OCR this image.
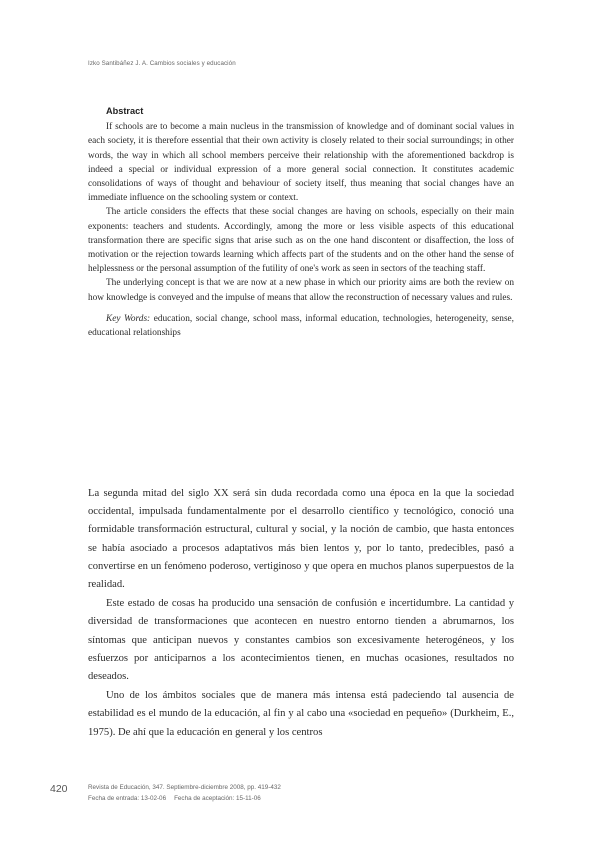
Izko Santibáñez J. A. Cambios sociales y educación
Abstract

If schools are to become a main nucleus in the transmission of knowledge and of dominant social values in each society, it is therefore essential that their own activity is closely related to their social surroundings; in other words, the way in which all school members perceive their relationship with the aforementioned backdrop is indeed a special or individual expression of a more general social connection. It constitutes academic consolidations of ways of thought and behaviour of society itself, thus meaning that social changes have an immediate influence on the schooling system or context.

The article considers the effects that these social changes are having on schools, especially on their main exponents: teachers and students. Accordingly, among the more or less visible aspects of this educational transformation there are specific signs that arise such as on the one hand discontent or disaffection, the loss of motivation or the rejection towards learning which affects part of the students and on the other hand the sense of helplessness or the personal assumption of the futility of one's work as seen in sectors of the teaching staff.

The underlying concept is that we are now at a new phase in which our priority aims are both the review on how knowledge is conveyed and the impulse of means that allow the reconstruction of necessary values and rules.

Key Words: education, social change, school mass, informal education, technologies, heterogeneity, sense, educational relationships

La segunda mitad del siglo XX será sin duda recordada como una época en la que la sociedad occidental, impulsada fundamentalmente por el desarrollo científico y tecnológico, conoció una formidable transformación estructural, cultural y social, y la noción de cambio, que hasta entonces se había asociado a procesos adaptativos más bien lentos y, por lo tanto, predecibles, pasó a convertirse en un fenómeno poderoso, vertiginoso y que opera en muchos planos superpuestos de la realidad.

Este estado de cosas ha producido una sensación de confusión e incertidumbre. La cantidad y diversidad de transformaciones que acontecen en nuestro entorno tienden a abrumarnos, los síntomas que anticipan nuevos y constantes cambios son excesivamente heterogéneos, y los esfuerzos por anticiparnos a los acontecimientos tienen, en muchas ocasiones, resultados no deseados.

Uno de los ámbitos sociales que de manera más intensa está padeciendo tal ausencia de estabilidad es el mundo de la educación, al fin y al cabo una «sociedad en pequeño» (Durkheim, E., 1975). De ahí que la educación en general y los centros

420	Revista de Educación, 347. Septiembre-diciembre 2008, pp. 419-432
Fecha de entrada: 13-02-06 Fecha de aceptación: 15-11-06
